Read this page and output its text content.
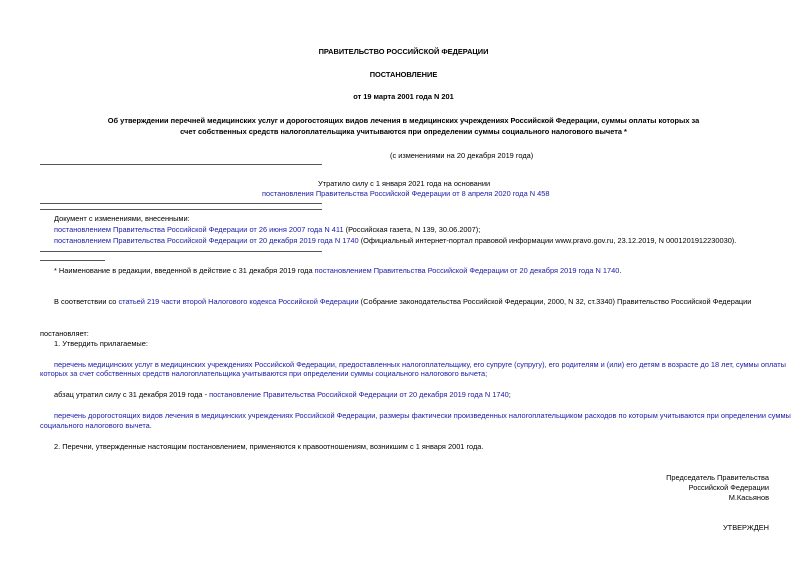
ПРАВИТЕЛЬСТВО РОССИЙСКОЙ ФЕДЕРАЦИИ
ПОСТАНОВЛЕНИЕ
от 19 марта 2001 года N 201
Об утверждении перечней медицинских услуг и дорогостоящих видов лечения в медицинских учреждениях Российской Федерации, суммы оплаты которых за
счет собственных средств налогоплательщика учитываются при определении суммы социального налогового вычета *
(с изменениями на 20 декабря 2019 года)
Утратило силу с 1 января 2021 года на основании
постановления Правительства Российской Федерации от 8 апреля 2020 года N 458
Документ с изменениями, внесенными:
постановлением Правительства Российской Федерации от 26 июня 2007 года N 411 (Российская газета, N 139, 30.06.2007);
постановлением Правительства Российской Федерации от 20 декабря 2019 года N 1740 (Официальный интернет-портал правовой информации www.pravo.gov.ru, 23.12.2019, N 0001201912230030).
* Наименование в редакции, введенной в действие с 31 декабря 2019 года постановлением Правительства Российской Федерации от 20 декабря 2019 года N 1740.
В соответствии со статьей 219 части второй Налогового кодекса Российской Федерации (Собрание законодательства Российской Федерации, 2000, N 32, ст.3340) Правительство Российской Федерации
постановляет:
1. Утвердить прилагаемые:
перечень медицинских услуг в медицинских учреждениях Российской Федерации, предоставленных налогоплательщику, его супруге (супругу), его родителям и (или) его детям в возрасте до 18 лет, суммы оплаты
которых за счет собственных средств налогоплательщика учитываются при определении суммы социального налогового вычета;
абзац утратил силу с 31 декабря 2019 года - постановление Правительства Российской Федерации от 20 декабря 2019 года N 1740;
перечень дорогостоящих видов лечения в медицинских учреждениях Российской Федерации, размеры фактически произведенных налогоплательщиком расходов по которым учитываются при определении суммы
социального налогового вычета.
2. Перечни, утвержденные настоящим постановлением, применяются к правоотношениям, возникшим с 1 января 2001 года.
Председатель Правительства
Российской Федерации
М.Касьянов
УТВЕРЖДЕН
